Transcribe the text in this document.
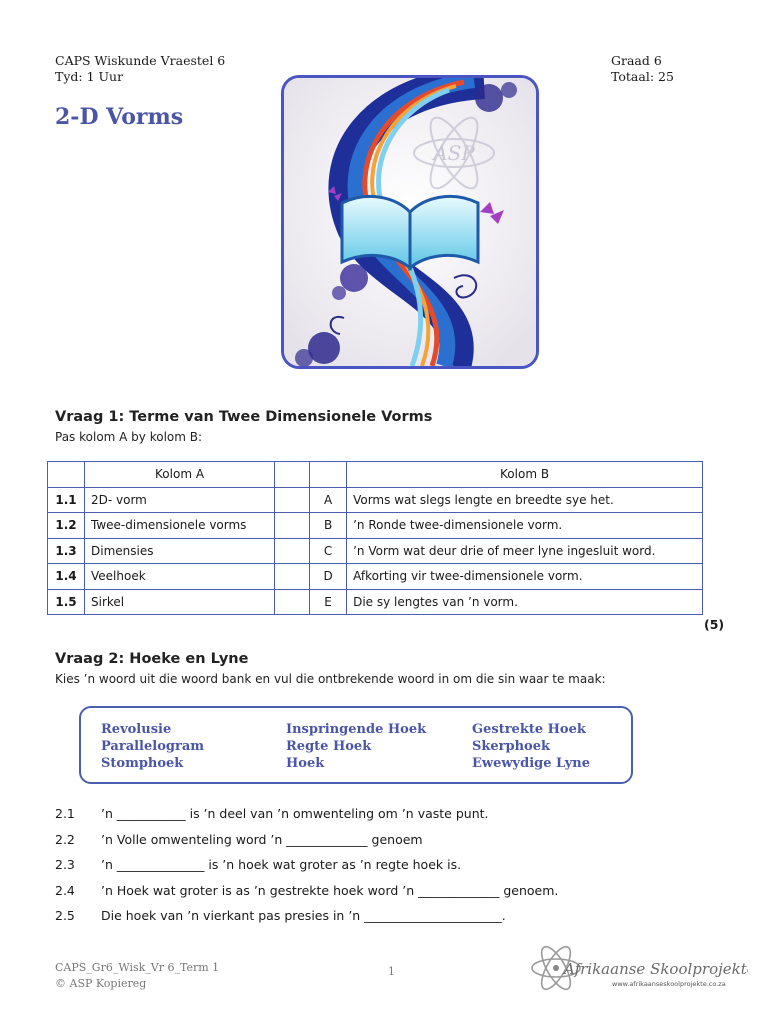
CAPS Wiskunde Vraestel 6
Tyd: 1 Uur
Graad 6
Totaal: 25
2-D Vorms
ASP
Vraag 1: Terme van Twee Dimensionele Vorms
Pas kolom A by kolom B:
	Kolom A			Kolom B
1.1	2D- vorm		A	Vorms wat slegs lengte en breedte sye het.
1.2	Twee-dimensionele vorms		B	’n Ronde twee-dimensionele vorm.
1.3	Dimensies		C	’n Vorm wat deur drie of meer lyne ingesluit word.
1.4	Veelhoek		D	Afkorting vir twee-dimensionele vorm.
1.5	Sirkel		E	Die sy lengtes van ’n vorm.
(5)
Vraag 2: Hoeke en Lyne
Kies ’n woord uit die woord bank en vul die ontbrekende woord in om die sin waar te maak:
Revolusie
Parallelogram
Stomphoek
Inspringende Hoek
Regte Hoek
Hoek
Gestrekte Hoek
Skerphoek
Ewewydige Lyne
2.1 ’n ___________ is ’n deel van ’n omwenteling om ’n vaste punt.
2.2 ’n Volle omwenteling word ’n _____________ genoem
2.3 ’n ______________ is ’n hoek wat groter as ’n regte hoek is.
2.4 ’n Hoek wat groter is as ’n gestrekte hoek word ’n _____________ genoem.
2.5 Die hoek van ’n vierkant pas presies in ’n ______________________.
CAPS_Gr6_Wisk_Vr 6_Term 1
© ASP Kopiereg
1	Afrikaanse Skoolprojekte
www.afrikaanseskoolprojekte.co.za
